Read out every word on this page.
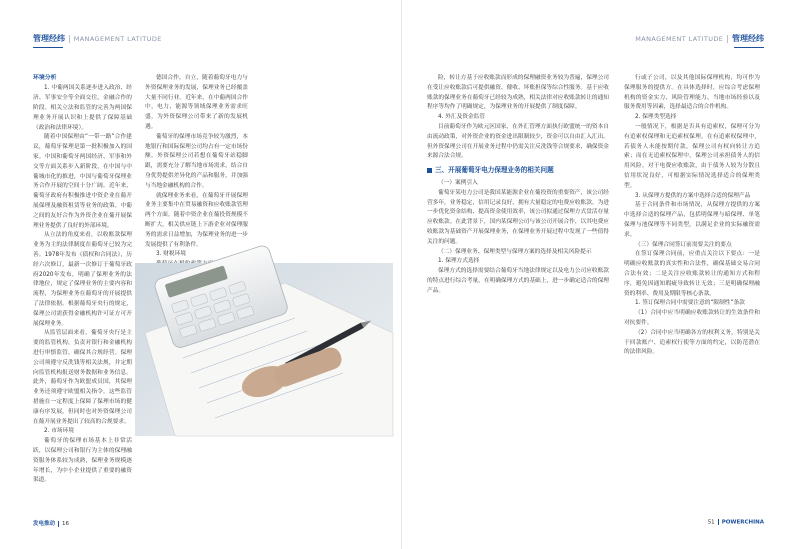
管理经纬 | MANAGEMENT LATITUDE

环境分析

1. 中葡两国关系逐步进入政治、经济、军事安全等全面交往，金融合作的阶段。相关立法和监管的完善为两国保理业务开展认识和上提供了保障基础（政治和法律环境）。

随着中国保理由“一带一路”合作建议，葡萄牙保理是第一批积极加入的国家。中国和葡萄牙两国经济、军事和外交等方面关系步入新阶段，在中国与中葡城市化的推进，中国与葡萄牙保理业务合作开展的空间十分广阔。近年来，葡萄牙政府有积极推进中资企业在葡开展保理及融资租赁等业务的政策。中葡之间的友好合作为外资企业在葡开展保理业务提供了良好的外部环境。

从立法的角度来看，以收账款保理业务为主的法律制度在葡萄牙已较为完善。1978年发布《债权和合同法》，历经六次修订，最新一次修订于葡萄牙政府2020年发布，明确了保理业务的法律地位，规定了保理业务的主要内容和流程，为保理业务在葡萄牙的开展提供了法律依据。根据葡萄牙央行的规定，保理公司需获得金融机构许可证方可开展保理业务。

从监管层面来看，葡萄牙央行是主要的监管机构，负责对银行和金融机构进行审慎监管，确保其合规经营。保理公司须遵守反洗钱等相关法规，并定期向监管机构报送财务数据和业务信息。此外，葡萄牙作为欧盟成员国，其保理业务还须遵守欧盟相关指令。这些监管措施在一定程度上保障了保理市场的健康有序发展，但同时也对外资保理公司在葡开展业务提出了较高的合规要求。

2. 市场环境

葡萄牙的保理市场基本上非常活跃，以保理公司和银行为主体的保理融资服务体系较为成熟，保理业务规模逐年增长，为中小企业提供了重要的融资渠道。

德国合作，自立，随着葡萄牙电力与外资保理业务的发展，保理业务已经覆盖大量不同行业。近年来，在中葡两国合作中，电力、能源等领域保理业务需求旺盛，为外资保理公司带来了新的发展机遇。

葡萄牙的保理市场竞争较为激烈，本地银行和国际保理公司均占有一定市场份额。外资保理公司若想在葡萄牙站稳脚跟，需要充分了解当地市场需求，结合自身优势提供差异化的产品和服务，并加强与当地金融机构的合作。

就保理业务来看，在葡萄牙开展保理业务主要集中在贸易融资和应收账款管理两个方面。随着中资企业在葡投资规模不断扩大，相关供应链上下游企业对保理服务的需求日益增加，为保理业务的进一步发展提供了有利条件。

3. 财税环境

发电推动 16
MANAGEMENT LATITUDE | 管理经纬

险，转让方基于应收账款而形成的保理融资业务较为普遍，保理公司在受让应收账款后可提供融资、催收、坏账担保等综合性服务。基于应收账款的保理业务在葡萄牙已经较为成熟，相关法律对应收账款转让的通知程序等均作了明确规定，为保理业务的开展提供了制度保障。

4. 外汇及资金监管

目前葡萄牙作为欧元区国家，在外汇管理方面执行欧盟统一的资本自由流动政策，对外资企业的资金进出限制较少，资金可以自由汇入汇出。但外资保理公司在开展业务过程中仍需关注反洗钱等合规要求，确保资金来源合法合规。

三、开展葡萄牙电力保理业务的相关问题

（一）案例引入

葡萄牙某电力公司是我国某能源企业在葡投资的重要资产，该公司经营多年，业务稳定，信用记录良好，拥有大量稳定的电费应收账款。为进一步优化资金结构、提高资金使用效率，该公司拟通过保理方式盘活存量应收账款。在此背景下，国内某保理公司与该公司开展合作，以其电费应收账款为基础资产开展保理业务，在保理业务开展过程中发现了一些值得关注的问题。

（二）保理业务、保理类型与保理方案的选择及相关风险提示

1. 保理方式选择

保理方式的选择需要结合葡萄牙当地法律规定以及电力公司应收账款的特点进行综合考量，在明确保理方式的基础上，进一步确定适合的保理产品。

行或子公司，以及其他国际保理机构，均可作为保理服务的提供方。在具体选择时，应综合考虑保理机构的资金实力、风险管理能力、当地市场经验以及服务费用等因素，选择最适合的合作机构。

2. 保理类型选择

一般情况下，根据是否具有追索权，保理可分为有追索权保理和无追索权保理。在有追索权保理中，若债务人未能按期付款，保理公司有权向转让方追索；而在无追索权保理中，保理公司承担债务人的信用风险。对于电费应收账款，由于债务人较为分散且信用状况良好，可根据实际情况选择适合的保理类型。

3. 从保理方提供的方案中选择合适的保理产品

基于合同条件和市场情况，从保理方提供的方案中选择合适的保理产品，包括明保理与暗保理、单笔保理与池保理等不同类型，以满足企业的实际融资需求。

（三）保理合同签订前需要关注的要点

在签订保理合同前，应重点关注以下要点：一是明确应收账款的真实性和合法性，确保基础交易合同合法有效；二是关注应收账款转让的通知方式和程序，避免因通知瑕疵导致转让无效；三是明确保理融资的利率、费用及期限等核心条款。

1. 签订保理合同中需要注意的“限制性”条款

（1）合同中应当明确应收账款转让的生效条件和对抗要件。

（2）合同中应当明确各方的权利义务，特别是关于回款账户、追索权行使等方面的约定，以防范潜在的法律风险。

51 POWERCHINA
